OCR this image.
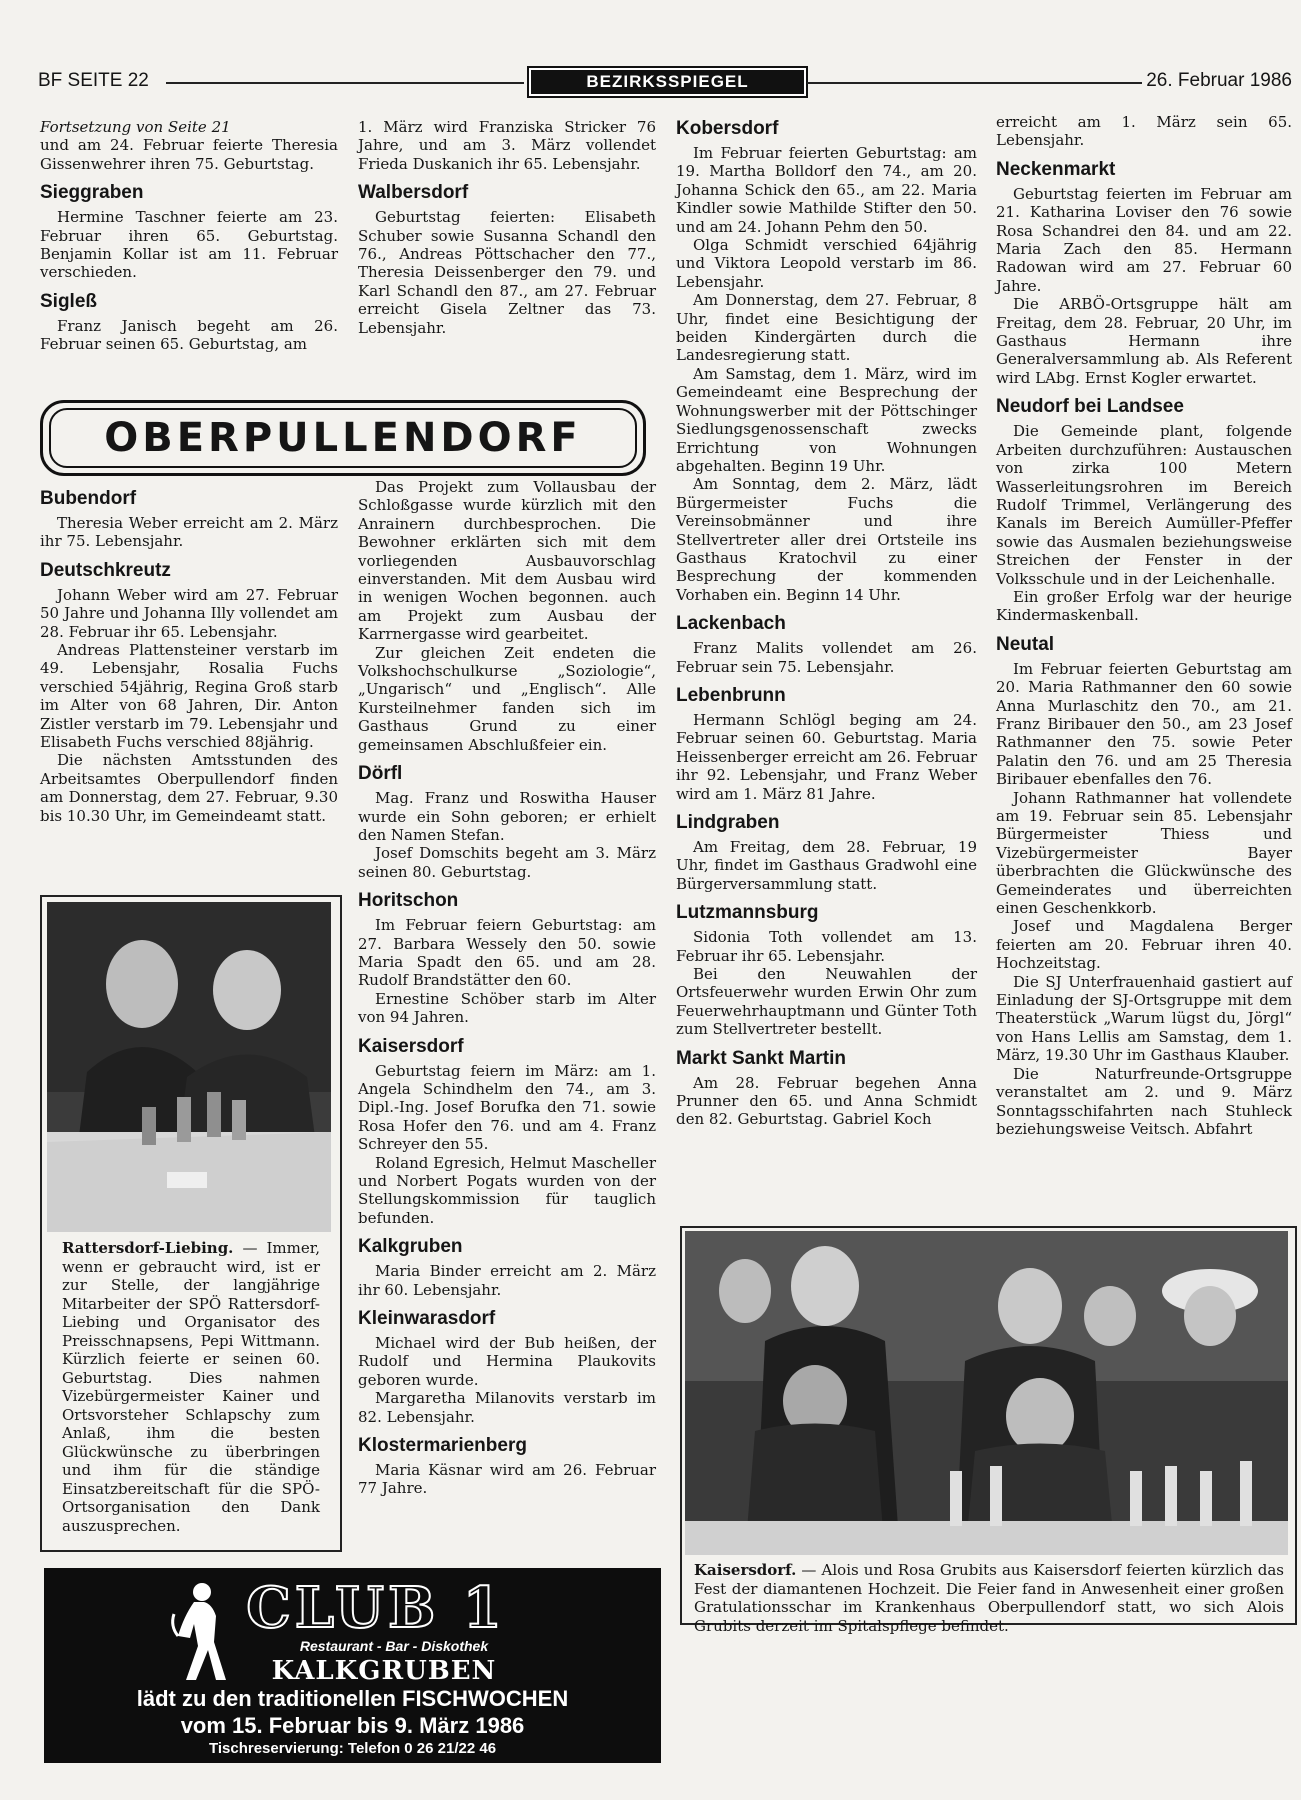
BF SEITE 22	BEZIRKSSPIEGEL	26. Februar 1986

Fortsetzung von Seite 21

und am 24. Februar feierte Theresia Gissenwehrer ihren 75. Geburtstag.

Sieggraben

Hermine Taschner feierte am 23. Februar ihren 65. Geburtstag. Benjamin Kollar ist am 11. Februar verschieden.

Sigleß

Franz Janisch begeht am 26. Februar seinen 65. Geburtstag, am

1. März wird Franziska Stricker 76 Jahre, und am 3. März vollendet Frieda Duskanich ihr 65. Lebensjahr.

Walbersdorf

Geburtstag feierten: Elisabeth Schuber sowie Susanna Schandl den 76., Andreas Pöttschacher den 77., Theresia Deissenberger den 79. und Karl Schandl den 87., am 27. Februar erreicht Gisela Zeltner das 73. Lebensjahr.

OBERPULLENDORF
Bubendorf

Theresia Weber erreicht am 2. März ihr 75. Lebensjahr.

Deutschkreutz

Johann Weber wird am 27. Februar 50 Jahre und Johanna Illy vollendet am 28. Februar ihr 65. Lebensjahr.

Andreas Plattensteiner verstarb im 49. Lebensjahr, Rosalia Fuchs verschied 54jährig, Regina Groß starb im Alter von 68 Jahren, Dir. Anton Zistler verstarb im 79. Lebensjahr und Elisabeth Fuchs verschied 88jährig.

Die nächsten Amtsstunden des Arbeitsamtes Oberpullendorf finden am Donnerstag, dem 27. Februar, 9.30 bis 10.30 Uhr, im Gemeindeamt statt.

Das Projekt zum Vollausbau der Schloßgasse wurde kürzlich mit den Anrainern durchbesprochen. Die Bewohner erklärten sich mit dem vorliegenden Ausbauvorschlag einverstanden. Mit dem Ausbau wird in wenigen Wochen begonnen. auch am Projekt zum Ausbau der Karrnergasse wird gearbeitet.

Zur gleichen Zeit endeten die Volkshochschulkurse „Soziologie“, „Ungarisch“ und „Englisch“. Alle Kursteilnehmer fanden sich im Gasthaus Grund zu einer gemeinsamen Abschlußfeier ein.

Dörfl

Mag. Franz und Roswitha Hauser wurde ein Sohn geboren; er erhielt den Namen Stefan.

Josef Domschits begeht am 3. März seinen 80. Geburtstag.

Horitschon

Im Februar feiern Geburtstag: am 27. Barbara Wessely den 50. sowie Maria Spadt den 65. und am 28. Rudolf Brandstätter den 60.

Ernestine Schöber starb im Alter von 94 Jahren.

Kaisersdorf

Geburtstag feiern im März: am 1. Angela Schindhelm den 74., am 3. Dipl.-Ing. Josef Borufka den 71. sowie Rosa Hofer den 76. und am 4. Franz Schreyer den 55.

Roland Egresich, Helmut Mascheller und Norbert Pogats wurden von der Stellungskommission für tauglich befunden.

Kalkgruben

Maria Binder erreicht am 2. März ihr 60. Lebensjahr.

Kleinwarasdorf

Michael wird der Bub heißen, der Rudolf und Hermina Plaukovits geboren wurde.

Margaretha Milanovits verstarb im 82. Lebensjahr.

Klostermarienberg

Maria Käsnar wird am 26. Februar 77 Jahre.

Kobersdorf

Im Februar feierten Geburtstag: am 19. Martha Bolldorf den 74., am 20. Johanna Schick den 65., am 22. Maria Kindler sowie Mathilde Stifter den 50. und am 24. Johann Pehm den 50.

Olga Schmidt verschied 64jährig und Viktora Leopold verstarb im 86. Lebensjahr.

Am Donnerstag, dem 27. Februar, 8 Uhr, findet eine Besichtigung der beiden Kindergärten durch die Landesregierung statt.

Am Samstag, dem 1. März, wird im Gemeindeamt eine Besprechung der Wohnungswerber mit der Pöttschinger Siedlungsgenossenschaft zwecks Errichtung von Wohnungen abgehalten. Beginn 19 Uhr.

Am Sonntag, dem 2. März, lädt Bürgermeister Fuchs die Vereinsobmänner und ihre Stellvertreter aller drei Ortsteile ins Gasthaus Kratochvil zu einer Besprechung der kommenden Vorhaben ein. Beginn 14 Uhr.

Lackenbach

Franz Malits vollendet am 26. Februar sein 75. Lebensjahr.

Lebenbrunn

Hermann Schlögl beging am 24. Februar seinen 60. Geburtstag. Maria Heissenberger erreicht am 26. Februar ihr 92. Lebensjahr, und Franz Weber wird am 1. März 81 Jahre.

Lindgraben

Am Freitag, dem 28. Februar, 19 Uhr, findet im Gasthaus Gradwohl eine Bürgerversammlung statt.

Lutzmannsburg

Sidonia Toth vollendet am 13. Februar ihr 65. Lebensjahr.

Bei den Neuwahlen der Ortsfeuerwehr wurden Erwin Ohr zum Feuerwehrhauptmann und Günter Toth zum Stellvertreter bestellt.

Markt Sankt Martin

Am 28. Februar begehen Anna Prunner den 65. und Anna Schmidt den 82. Geburtstag. Gabriel Koch

erreicht am 1. März sein 65. Lebensjahr.

Neckenmarkt

Geburtstag feierten im Februar am 21. Katharina Loviser den 76 sowie Rosa Schandrei den 84. und am 22. Maria Zach den 85. Hermann Radowan wird am 27. Februar 60 Jahre.

Die ARBÖ-Ortsgruppe hält am Freitag, dem 28. Februar, 20 Uhr, im Gasthaus Hermann ihre Generalversammlung ab. Als Referent wird LAbg. Ernst Kogler erwartet.

Neudorf bei Landsee

Die Gemeinde plant, folgende Arbeiten durchzuführen: Austauschen von zirka 100 Metern Wasserleitungsrohren im Bereich Rudolf Trimmel, Verlängerung des Kanals im Bereich Aumüller-Pfeffer sowie das Ausmalen beziehungsweise Streichen der Fenster in der Volksschule und in der Leichenhalle.

Ein großer Erfolg war der heurige Kindermaskenball.

Neutal

Im Februar feierten Geburtstag am 20. Maria Rathmanner den 60 sowie Anna Murlaschitz den 70., am 21. Franz Biribauer den 50., am 23 Josef Rathmanner den 75. sowie Peter Palatin den 76. und am 25 Theresia Biribauer ebenfalles den 76.

Johann Rathmanner hat vollendete am 19. Februar sein 85. Lebensjahr Bürgermeister Thiess und Vizebürgermeister Bayer überbrachten die Glückwünsche des Gemeinderates und überreichten einen Geschenkkorb.

Josef und Magdalena Berger feierten am 20. Februar ihren 40. Hochzeitstag.

Die SJ Unterfrauenhaid gastiert auf Einladung der SJ-Ortsgruppe mit dem Theaterstück „Warum lügst du, Jörgl“ von Hans Lellis am Samstag, dem 1. März, 19.30 Uhr im Gasthaus Klauber.

Die Naturfreunde-Ortsgruppe veranstaltet am 2. und 9. März Sonntagsschifahrten nach Stuhleck beziehungsweise Veitsch. Abfahrt

Rattersdorf-Liebing. — Immer, wenn er gebraucht wird, ist er zur Stelle, der langjährige Mitarbeiter der SPÖ Rattersdorf-Liebing und Organisator des Preisschnapsens, Pepi Wittmann. Kürzlich feierte er seinen 60. Geburtstag. Dies nahmen Vizebürgermeister Kainer und Ortsvorsteher Schlapschy zum Anlaß, ihm die besten Glückwünsche zu überbringen und ihm für die ständige Einsatzbereitschaft für die SPÖ-Ortsorganisation den Dank auszusprechen.
Kaisersdorf. — Alois und Rosa Grubits aus Kaisersdorf feierten kürzlich das Fest der diamantenen Hochzeit. Die Feier fand in Anwesenheit einer großen Gratulationsschar im Krankenhaus Oberpullendorf statt, wo sich Alois Grubits derzeit im Spitalspflege befindet.
CLUB 1
Restaurant - Bar - Diskothek
KALKGRUBEN
lädt zu den traditionellen FISCHWOCHEN
vom 15. Februar bis 9. März 1986
Tischreservierung: Telefon 0 26 21/22 46
